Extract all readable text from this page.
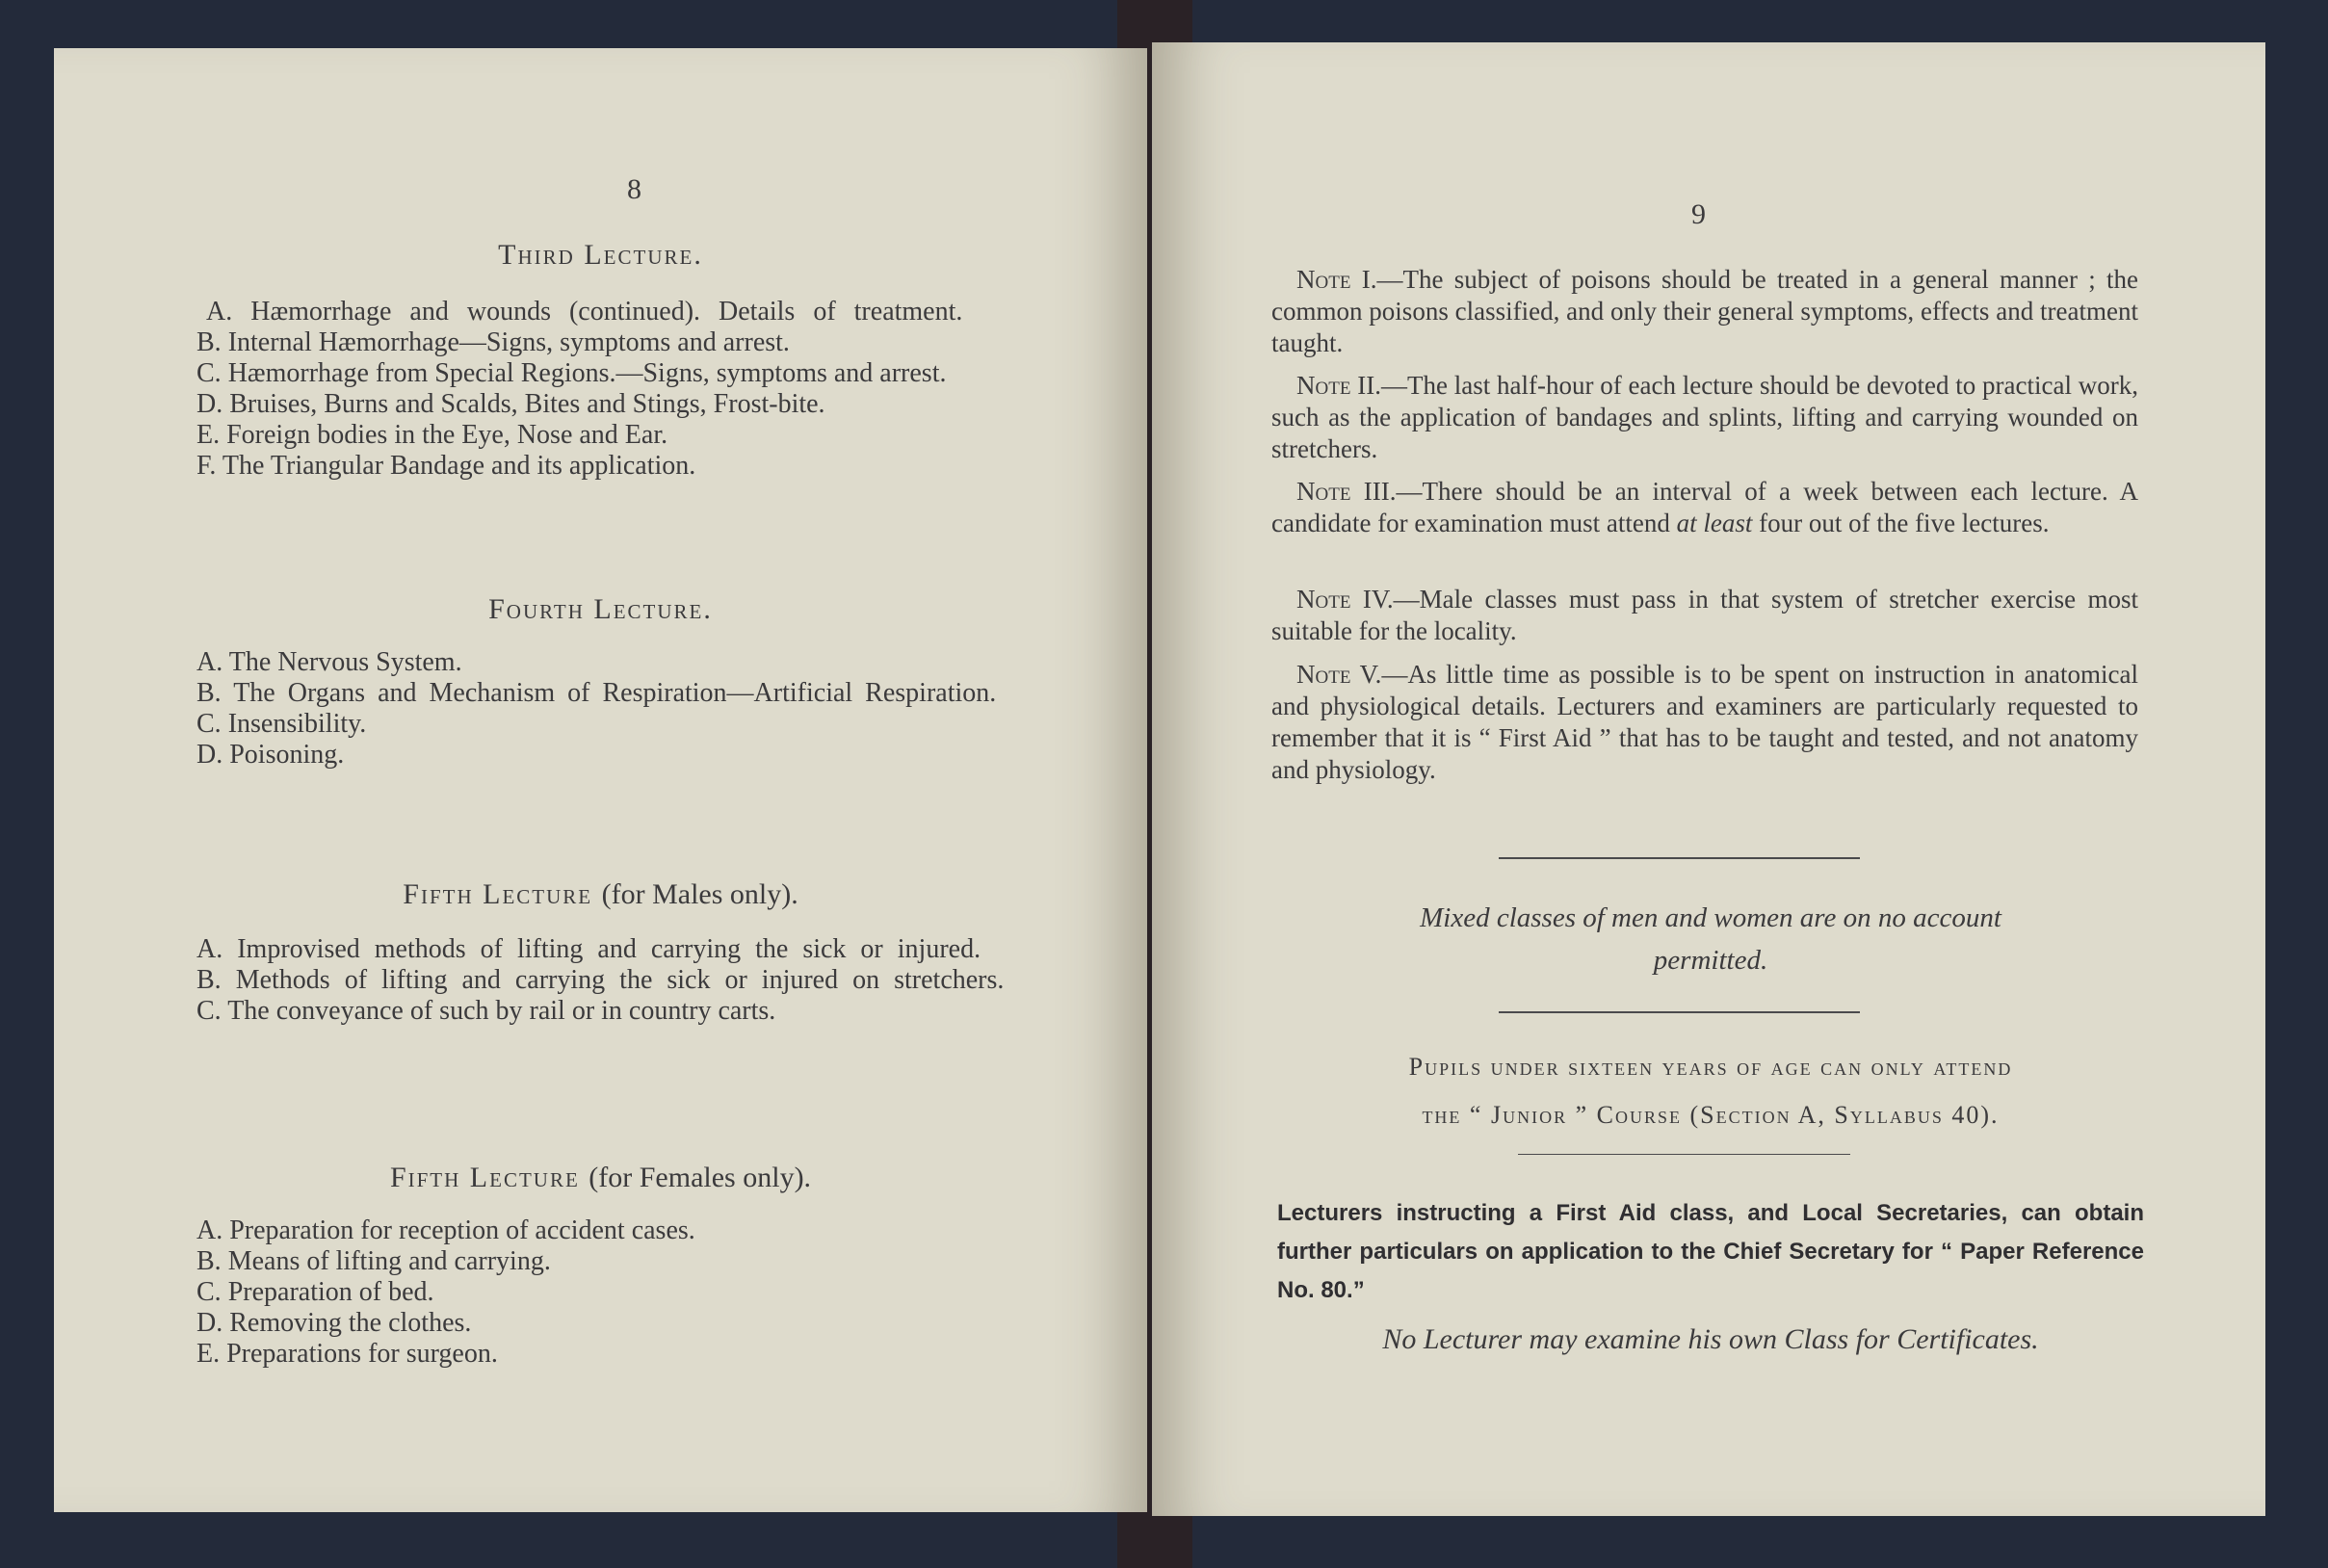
8
Third Lecture.
A. Hæmorrhage and wounds (continued). Details of treatment.
B. Internal Hæmorrhage—Signs, symptoms and arrest.
C. Hæmorrhage from Special Regions.—Signs, symptoms and arrest.
D. Bruises, Burns and Scalds, Bites and Stings, Frost-bite.
E. Foreign bodies in the Eye, Nose and Ear.
F. The Triangular Bandage and its application.
Fourth Lecture.
A. The Nervous System.
B. The Organs and Mechanism of Respiration—Artificial Respiration.
C. Insensibility.
D. Poisoning.
Fifth Lecture (for Males only).
A. Improvised methods of lifting and carrying the sick or injured.
B. Methods of lifting and carrying the sick or injured on stretchers.
C. The conveyance of such by rail or in country carts.
Fifth Lecture (for Females only).
A. Preparation for reception of accident cases.
B. Means of lifting and carrying.
C. Preparation of bed.
D. Removing the clothes.
E. Preparations for surgeon.
9
Note I.—The subject of poisons should be treated in a general manner ; the common poisons classified, and only their general symptoms, effects and treatment taught.
Note II.—The last half-hour of each lecture should be devoted to practical work, such as the application of bandages and splints, lifting and carrying wounded on stretchers.
Note III.—There should be an interval of a week between each lecture. A candidate for examination must attend at least four out of the five lectures.
Note IV.—Male classes must pass in that system of stretcher exercise most suitable for the locality.
Note V.—As little time as possible is to be spent on instruction in anatomical and physiological details. Lecturers and examiners are particularly requested to remember that it is “ First Aid ” that has to be taught and tested, and not anatomy and physiology.
Mixed classes of men and women are on no account
permitted.
Pupils under sixteen years of age can only attend
the “ Junior ” Course (Section A, Syllabus 40).
Lecturers instructing a First Aid class, and Local Secretaries, can obtain further particulars on application to the Chief Secretary for “ Paper Reference No. 80.”
No Lecturer may examine his own Class for Certificates.
